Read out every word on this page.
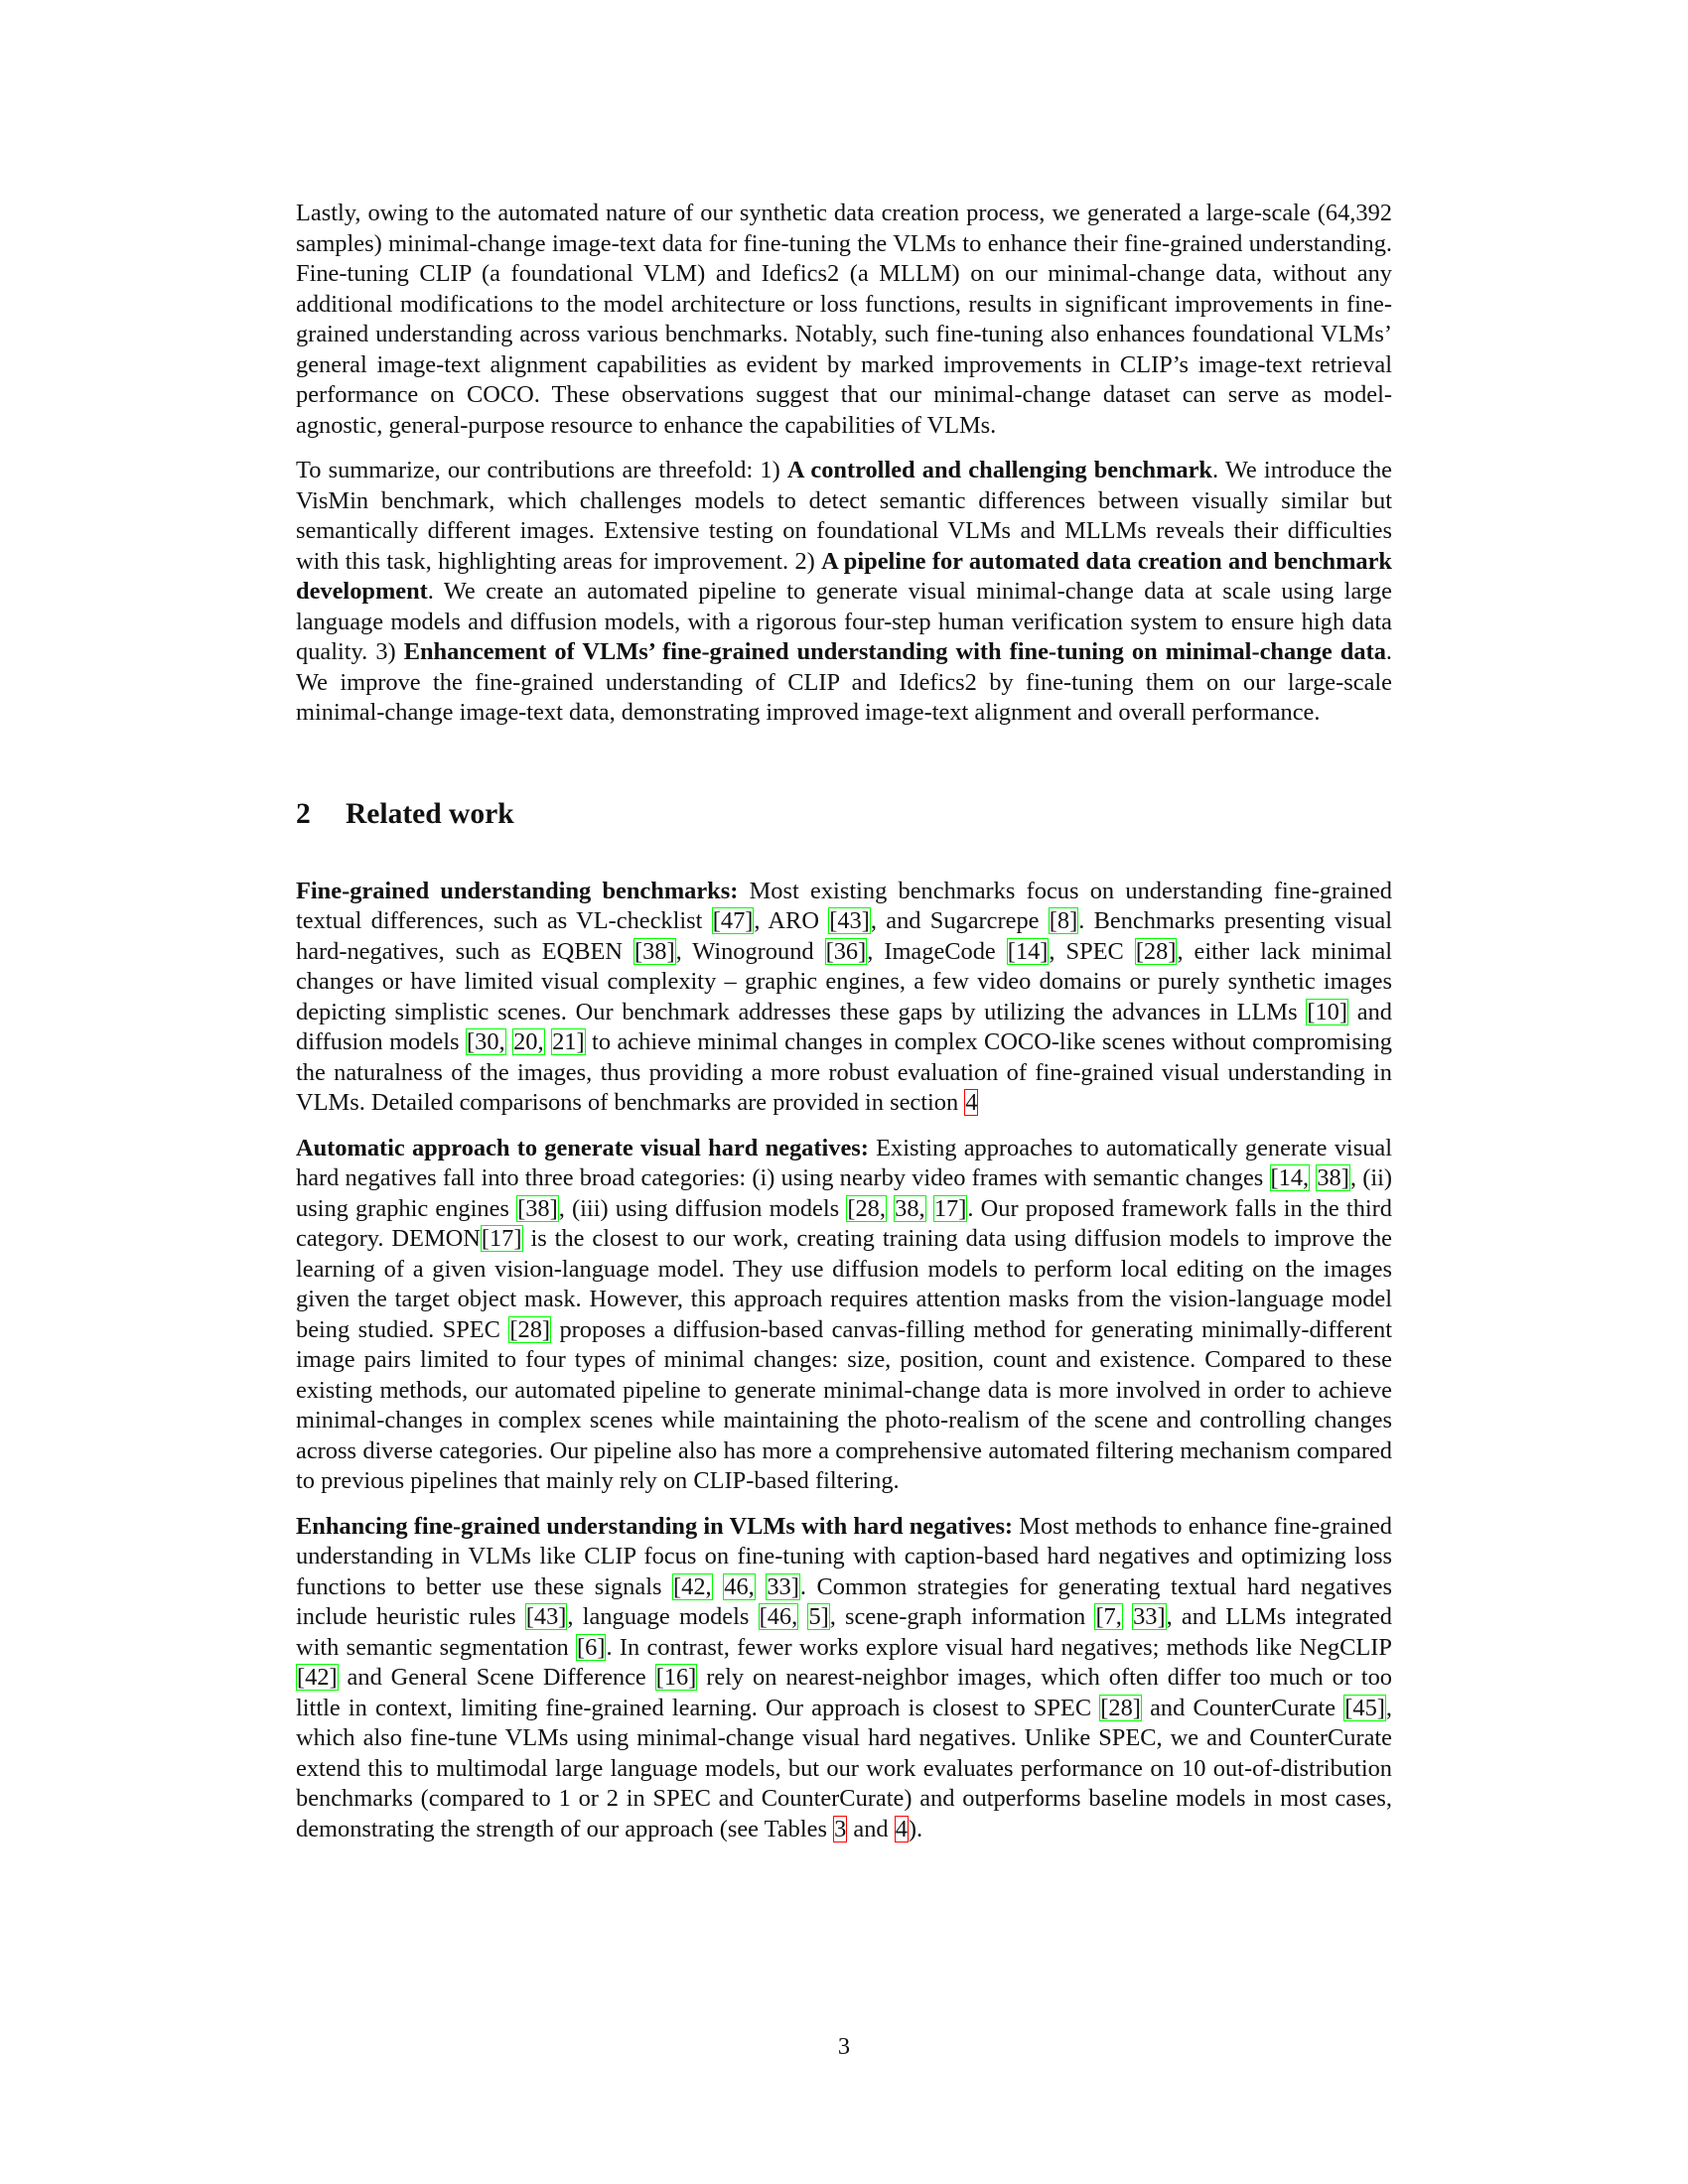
Lastly, owing to the automated nature of our synthetic data creation process, we generated a large-scale (64,392 samples) minimal-change image-text data for fine-tuning the VLMs to enhance their fine-grained understanding. Fine-tuning CLIP (a foundational VLM) and Idefics2 (a MLLM) on our minimal-change data, without any additional modifications to the model architecture or loss functions, results in significant improvements in fine-grained understanding across various benchmarks. Notably, such fine-tuning also enhances foundational VLMs’ general image-text alignment capabilities as evident by marked improvements in CLIP’s image-text retrieval performance on COCO. These observations suggest that our minimal-change dataset can serve as model-agnostic, general-purpose resource to enhance the capabilities of VLMs.

To summarize, our contributions are threefold: 1) A controlled and challenging benchmark. We introduce the VisMin benchmark, which challenges models to detect semantic differences between visually similar but semantically different images. Extensive testing on foundational VLMs and MLLMs reveals their difficulties with this task, highlighting areas for improvement. 2) A pipeline for automated data creation and benchmark development. We create an automated pipeline to generate visual minimal-change data at scale using large language models and diffusion models, with a rigorous four-step human verification system to ensure high data quality. 3) Enhancement of VLMs’ fine-grained understanding with fine-tuning on minimal-change data. We improve the fine-grained understanding of CLIP and Idefics2 by fine-tuning them on our large-scale minimal-change image-text data, demonstrating improved image-text alignment and overall performance.

2 Related work

Fine-grained understanding benchmarks: Most existing benchmarks focus on understanding fine-grained textual differences, such as VL-checklist [47], ARO [43], and Sugarcrepe [8]. Benchmarks presenting visual hard-negatives, such as EQBEN [38], Winoground [36], ImageCode [14], SPEC [28], either lack minimal changes or have limited visual complexity – graphic engines, a few video domains or purely synthetic images depicting simplistic scenes. Our benchmark addresses these gaps by utilizing the advances in LLMs [10] and diffusion models [30, 20, 21] to achieve minimal changes in complex COCO-like scenes without compromising the naturalness of the images, thus providing a more robust evaluation of fine-grained visual understanding in VLMs. Detailed comparisons of benchmarks are provided in section 4

Automatic approach to generate visual hard negatives: Existing approaches to automatically generate visual hard negatives fall into three broad categories: (i) using nearby video frames with semantic changes [14, 38], (ii) using graphic engines [38], (iii) using diffusion models [28, 38, 17]. Our proposed framework falls in the third category. DEMON[17] is the closest to our work, creating training data using diffusion models to improve the learning of a given vision-language model. They use diffusion models to perform local editing on the images given the target object mask. However, this approach requires attention masks from the vision-language model being studied. SPEC [28] proposes a diffusion-based canvas-filling method for generating minimally-different image pairs limited to four types of minimal changes: size, position, count and existence. Compared to these existing methods, our automated pipeline to generate minimal-change data is more involved in order to achieve minimal-changes in complex scenes while maintaining the photo-realism of the scene and controlling changes across diverse categories. Our pipeline also has more a comprehensive automated filtering mechanism compared to previous pipelines that mainly rely on CLIP-based filtering.

Enhancing fine-grained understanding in VLMs with hard negatives: Most methods to enhance fine-grained understanding in VLMs like CLIP focus on fine-tuning with caption-based hard negatives and optimizing loss functions to better use these signals [42, 46, 33]. Common strategies for generating textual hard negatives include heuristic rules [43], language models [46, 5], scene-graph information [7, 33], and LLMs integrated with semantic segmentation [6]. In contrast, fewer works explore visual hard negatives; methods like NegCLIP [42] and General Scene Difference [16] rely on nearest-neighbor images, which often differ too much or too little in context, limiting fine-grained learning. Our approach is closest to SPEC [28] and CounterCurate [45], which also fine-tune VLMs using minimal-change visual hard negatives. Unlike SPEC, we and CounterCurate extend this to multimodal large language models, but our work evaluates performance on 10 out-of-distribution benchmarks (compared to 1 or 2 in SPEC and CounterCurate) and outperforms baseline models in most cases, demonstrating the strength of our approach (see Tables 3 and 4).

3
